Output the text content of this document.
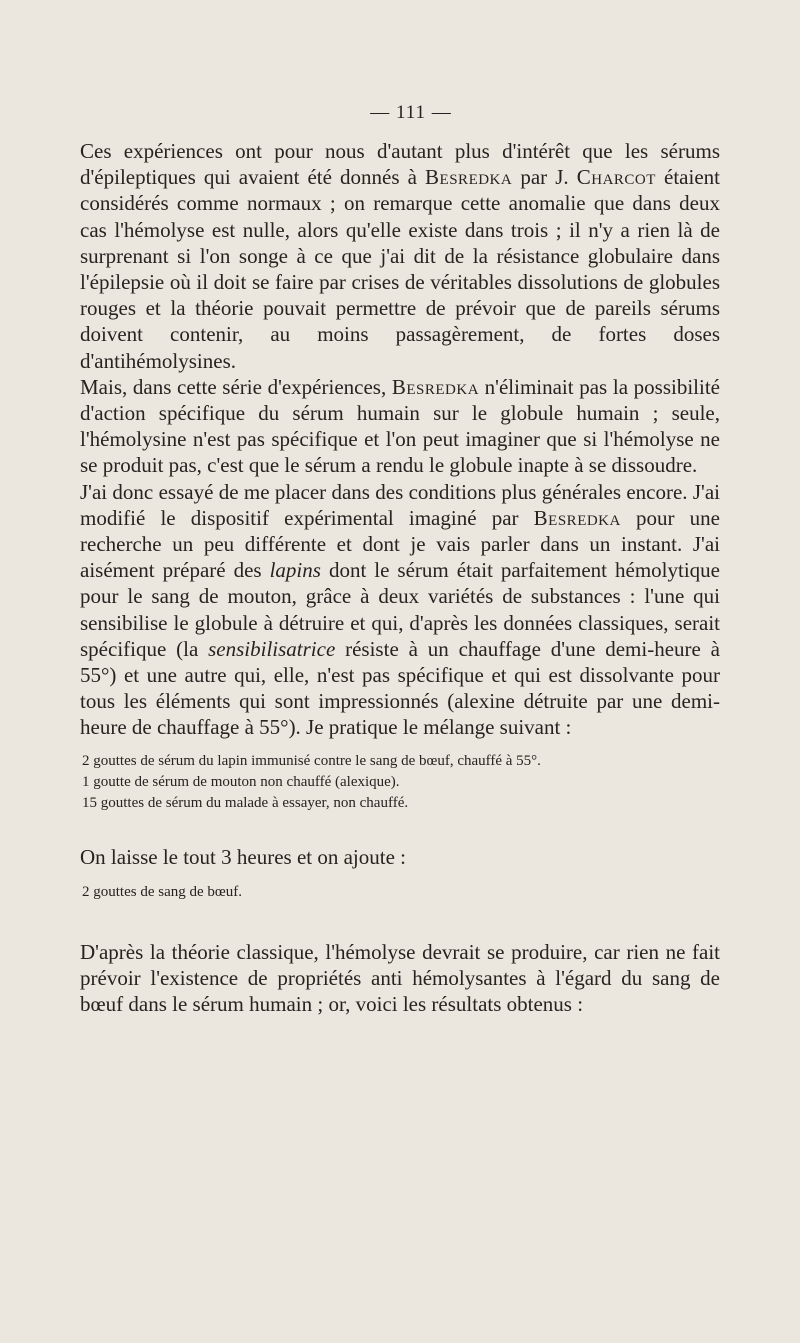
— 111 —

Ces expériences ont pour nous d'autant plus d'intérêt que les sérums d'épileptiques qui avaient été donnés à Besredka par J. Charcot étaient considérés comme normaux ; on remarque cette anomalie que dans deux cas l'hémolyse est nulle, alors qu'elle existe dans trois ; il n'y a rien là de surprenant si l'on songe à ce que j'ai dit de la résistance globulaire dans l'épilepsie où il doit se faire par crises de véritables dissolutions de globules rouges et la théorie pouvait permettre de prévoir que de pareils sérums doivent contenir, au moins passagèrement, de fortes doses d'antihémolysines.

Mais, dans cette série d'expériences, Besredka n'éliminait pas la possibilité d'action spécifique du sérum humain sur le globule humain ; seule, l'hémolysine n'est pas spécifique et l'on peut imaginer que si l'hémolyse ne se produit pas, c'est que le sérum a rendu le globule inapte à se dissoudre.

J'ai donc essayé de me placer dans des conditions plus générales encore. J'ai modifié le dispositif expérimental imaginé par Besredka pour une recherche un peu différente et dont je vais parler dans un instant. J'ai aisément préparé des lapins dont le sérum était parfaitement hémolytique pour le sang de mouton, grâce à deux variétés de substances : l'une qui sensibilise le globule à détruire et qui, d'après les données classiques, serait spécifique (la sensibilisatrice résiste à un chauffage d'une demi-heure à 55°) et une autre qui, elle, n'est pas spécifique et qui est dissolvante pour tous les éléments qui sont impressionnés (alexine détruite par une demi-heure de chauffage à 55°). Je pratique le mélange suivant :

2 gouttes de sérum du lapin immunisé contre le sang de bœuf, chauffé à 55°.
1 goutte de sérum de mouton non chauffé (alexique).
15 gouttes de sérum du malade à essayer, non chauffé.

On laisse le tout 3 heures et on ajoute :

2 gouttes de sang de bœuf.

D'après la théorie classique, l'hémolyse devrait se produire, car rien ne fait prévoir l'existence de propriétés anti hémolysantes à l'égard du sang de bœuf dans le sérum humain ; or, voici les résultats obtenus :
